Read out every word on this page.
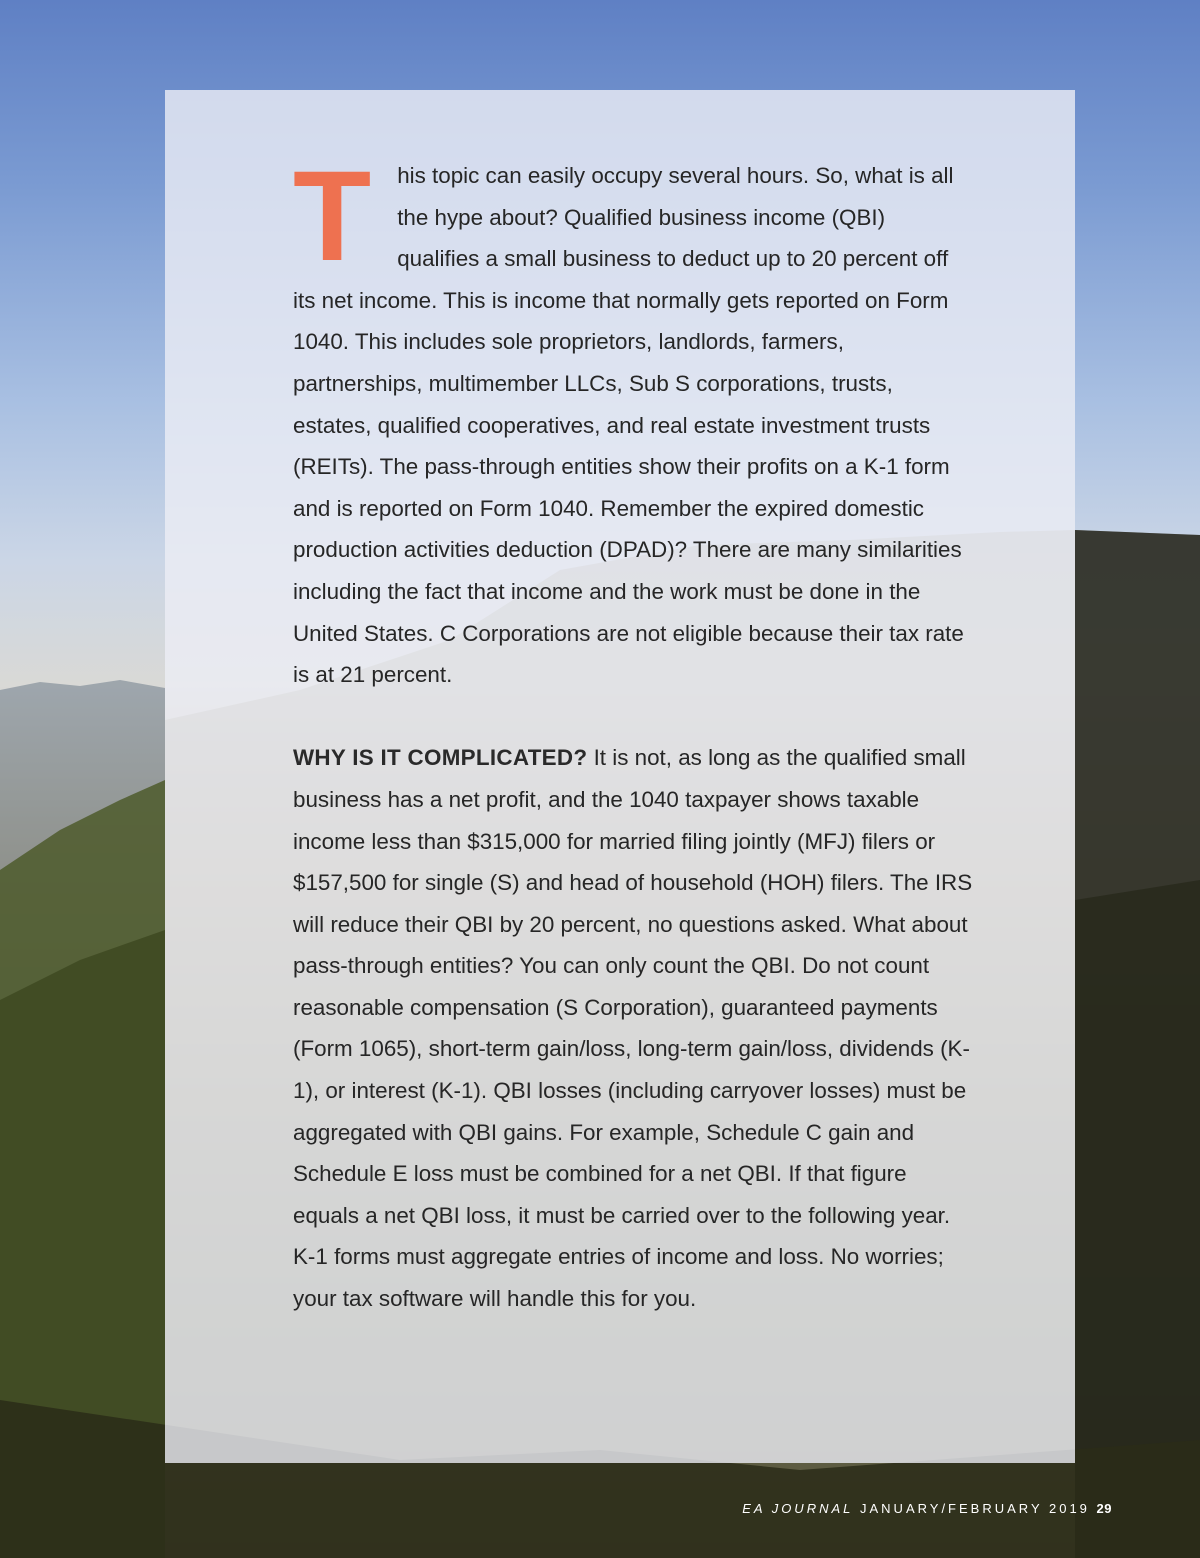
T his topic can easily occupy several hours. So, what is all the hype about? Qualified business income (QBI) qualifies a small business to deduct up to 20 percent off its net income. This is income that normally gets reported on Form 1040. This includes sole proprietors, landlords, farmers, partnerships, multimember LLCs, Sub S corporations, trusts, estates, qualified cooperatives, and real estate investment trusts (REITs). The pass-through entities show their profits on a K-1 form and is reported on Form 1040. Remember the expired domestic production activities deduction (DPAD)? There are many similarities including the fact that income and the work must be done in the United States. C Corporations are not eligible because their tax rate is at 21 percent.

WHY IS IT COMPLICATED? It is not, as long as the qualified small business has a net profit, and the 1040 taxpayer shows taxable income less than $315,000 for married filing jointly (MFJ) filers or $157,500 for single (S) and head of household (HOH) filers. The IRS will reduce their QBI by 20 percent, no questions asked. What about pass-through entities? You can only count the QBI. Do not count reasonable compensation (S Corporation), guaranteed payments (Form 1065), short-term gain/loss, long-term gain/loss, dividends (K-1), or interest (K-1). QBI losses (including carryover losses) must be aggregated with QBI gains. For example, Schedule C gain and Schedule E loss must be combined for a net QBI. If that figure equals a net QBI loss, it must be carried over to the following year. K-1 forms must aggregate entries of income and loss. No worries; your tax software will handle this for you.

EA JOURNAL JANUARY/FEBRUARY 2019 29
